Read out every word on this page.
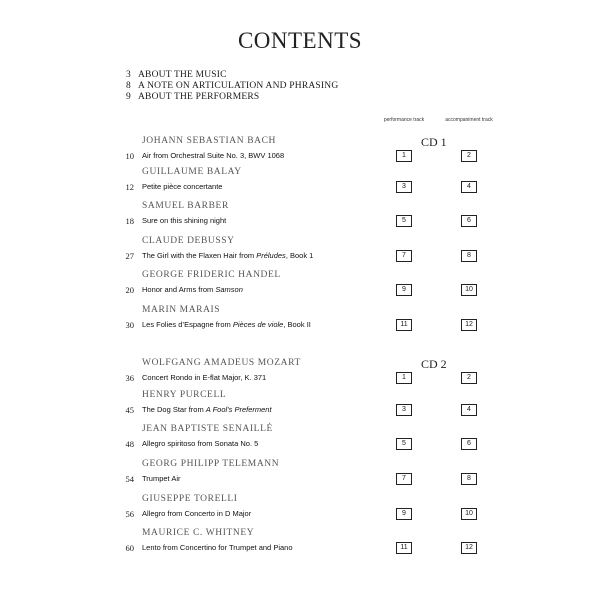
CONTENTS
3 ABOUT THE MUSIC
8 A NOTE ON ARTICULATION AND PHRASING
9 ABOUT THE PERFORMERS
performance track	accompaniment track
CD 1
CD 2
JOHANN SEBASTIAN BACH
10 Air from Orchestral Suite No. 3, BWV 1068	1	2
GUILLAUME BALAY
12 Petite pièce concertante	3	4
SAMUEL BARBER
18 Sure on this shining night	5	6
CLAUDE DEBUSSY
27 The Girl with the Flaxen Hair from Préludes, Book 1	7	8
GEORGE FRIDERIC HANDEL
20 Honor and Arms from Samson	9	10
MARIN MARAIS
30 Les Folies d’Espagne from Pièces de viole, Book II	11	12
WOLFGANG AMADEUS MOZART
36 Concert Rondo in E-flat Major, K. 371	1	2
HENRY PURCELL
45 The Dog Star from A Fool's Preferment	3	4
JEAN BAPTISTE SENAILLÉ
48 Allegro spiritoso from Sonata No. 5	5	6
GEORG PHILIPP TELEMANN
54 Trumpet Air	7	8
GIUSEPPE TORELLI
56 Allegro from Concerto in D Major	9	10
MAURICE C. WHITNEY
60 Lento from Concertino for Trumpet and Piano	11	12
